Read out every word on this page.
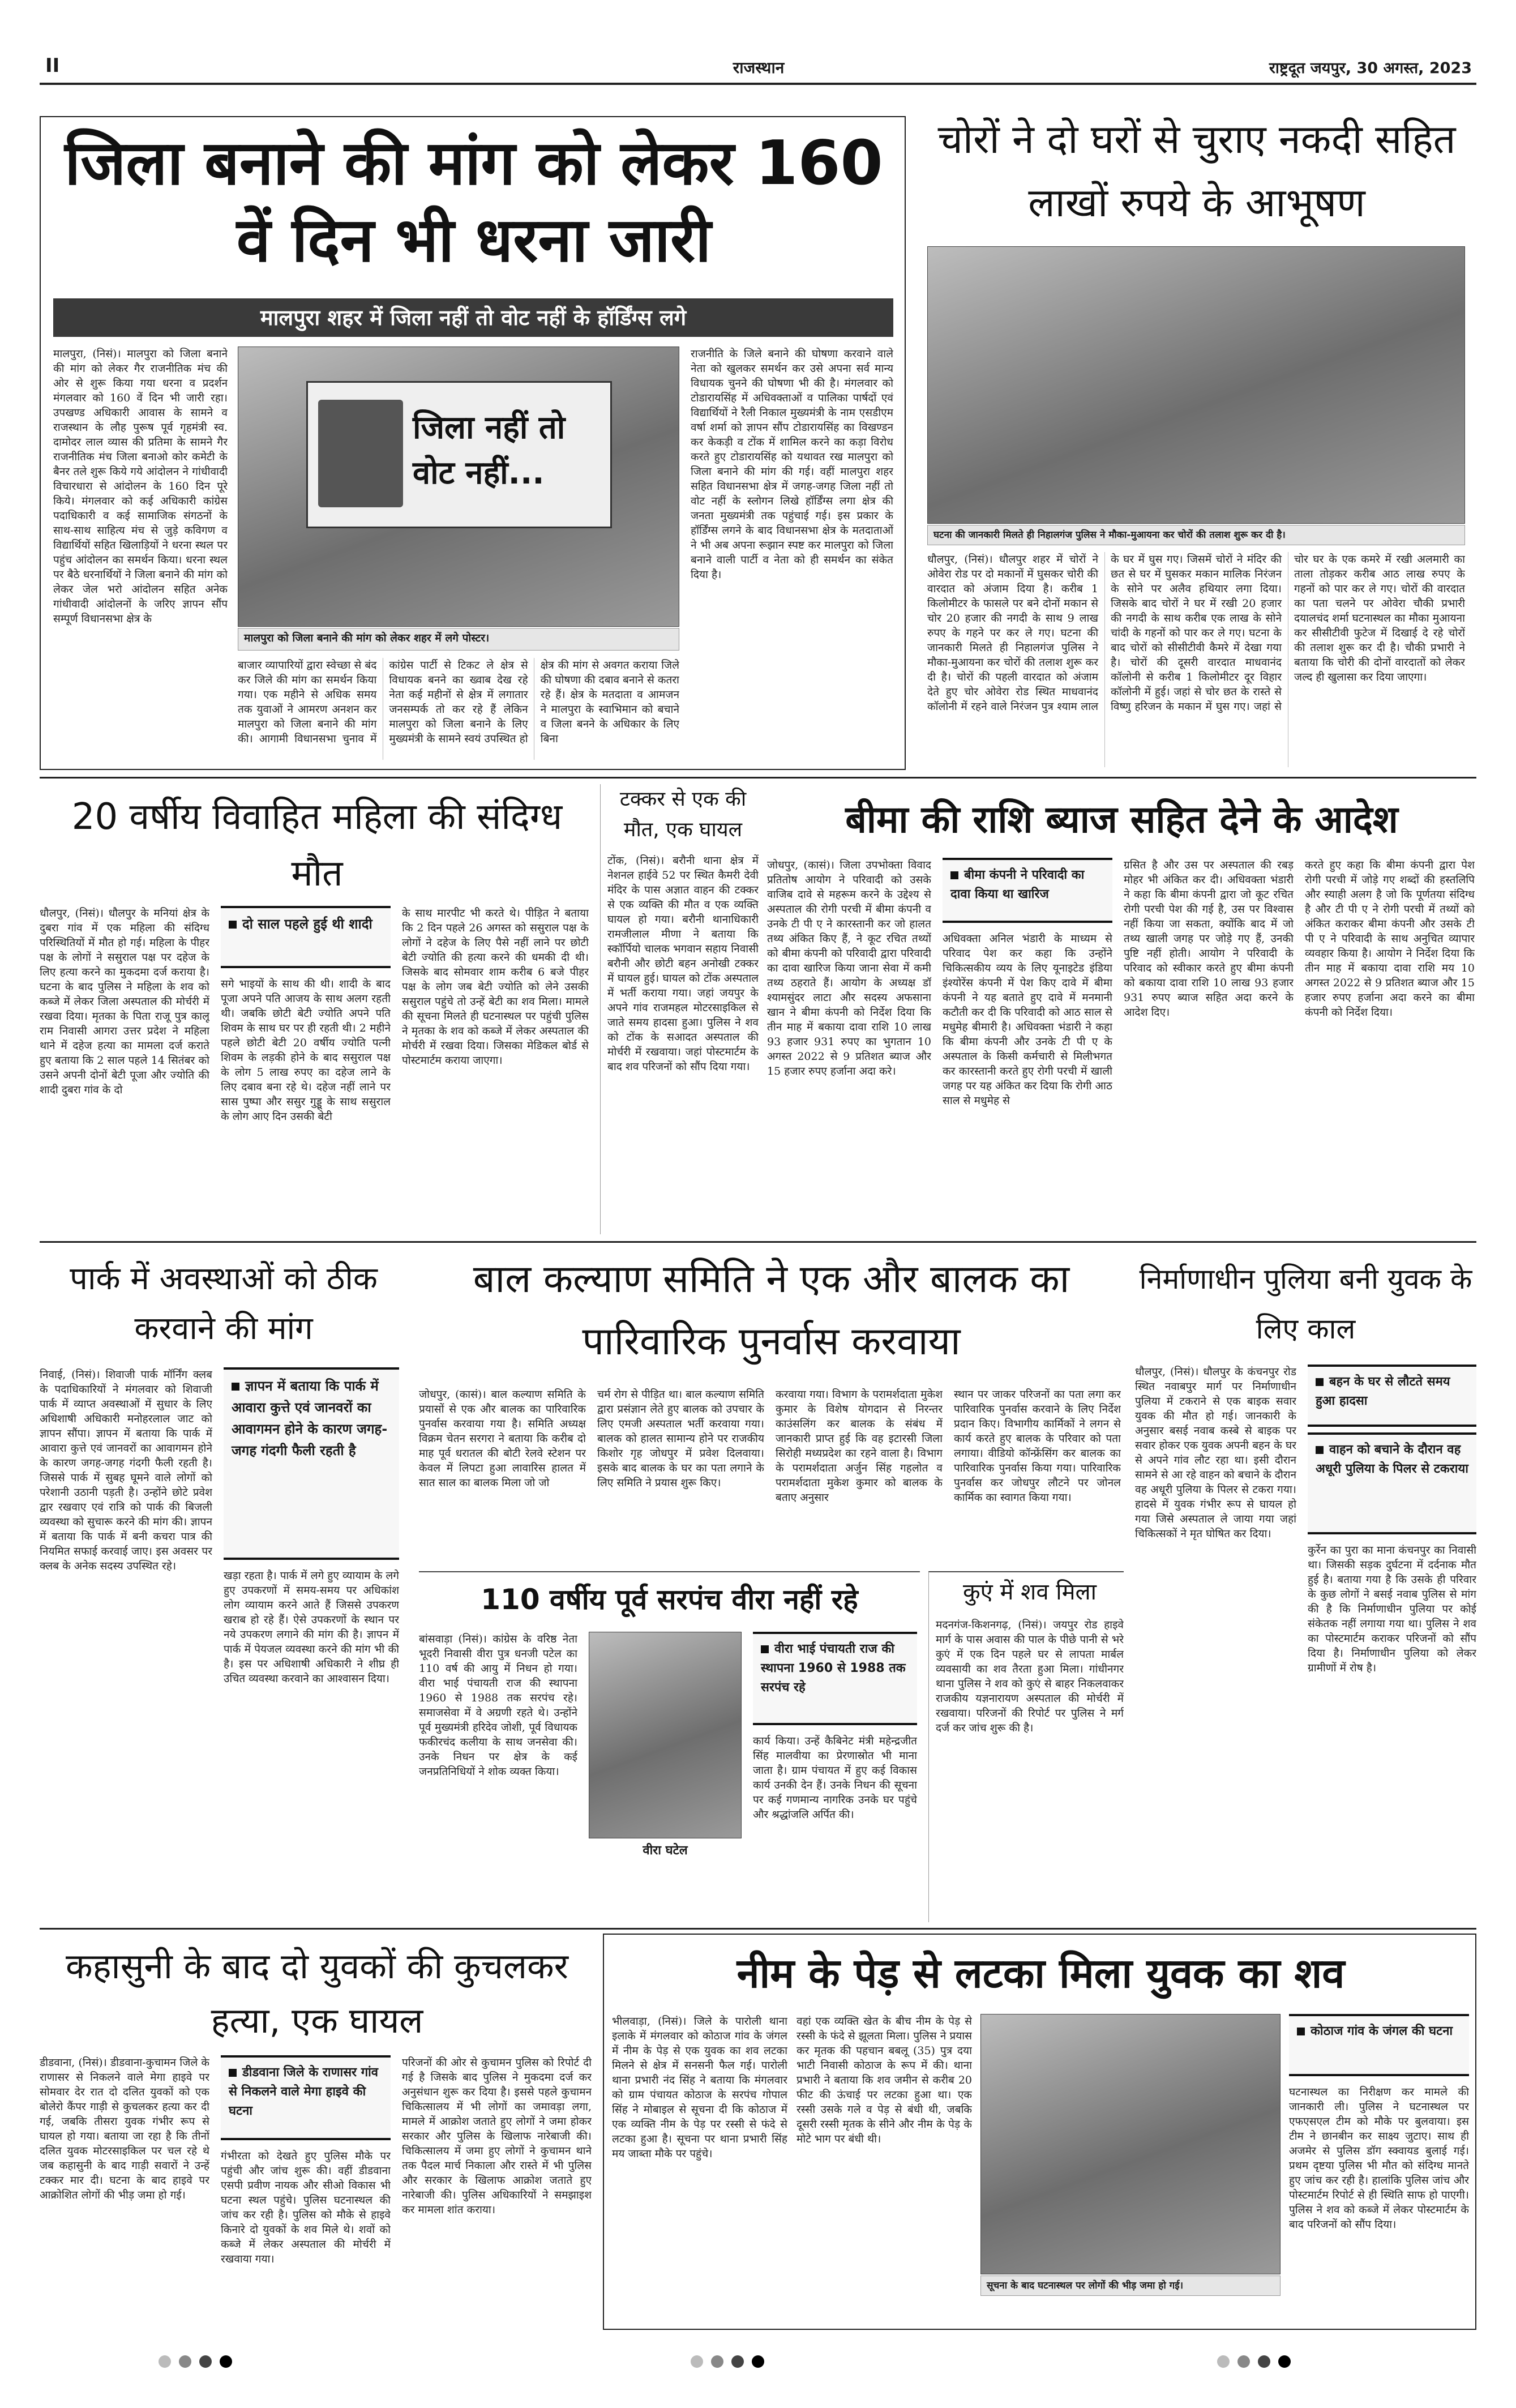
II	राजस्थान	राष्ट्रदूत जयपुर, 30 अगस्त, 2023
जिला बनाने की मांग को लेकर 160 वें दिन भी धरना जारी
मालपुरा शहर में जिला नहीं तो वोट नहीं के हॉर्डिंग्स लगे
मालपुरा, (निसं)। मालपुरा को जिला बनाने की मांग को लेकर गैर राजनीतिक मंच की ओर से शुरू किया गया धरना व प्रदर्शन मंगलवार को 160 वें दिन भी जारी रहा। उपखण्ड अधिकारी आवास के सामने व राजस्थान के लौह पुरूष पूर्व गृहमंत्री स्व. दामोदर लाल व्यास की प्रतिमा के सामने गैर राजनीतिक मंच जिला बनाओ कोर कमेटी के बैनर तले शुरू किये गये आंदोलन ने गांधीवादी विचारधारा से आंदोलन के 160 दिन पूरे किये। मंगलवार को कई अधिकारी कांग्रेस पदाधिकारी व कई सामाजिक संगठनों के साथ-साथ साहित्य मंच से जुड़े कविगण व विद्यार्थियों सहित खिलाड़ियों ने धरना स्थल पर पहुंच आंदोलन का समर्थन किया। धरना स्थल पर बैठे धरनार्थियों ने जिला बनाने की मांग को लेकर जेल भरो आंदोलन सहित अनेक गांधीवादी आंदोलनों के जरिए ज्ञापन सौंप सम्पूर्ण विधानसभा क्षेत्र के
जिला नहीं तो वोट नहीं...
मालपुरा को जिला बनाने की मांग को लेकर शहर में लगे पोस्टर।
बाजार व्यापारियों द्वारा स्वेच्छा से बंद कर जिले की मांग का समर्थन किया गया। एक महीने से अधिक समय तक युवाओं ने आमरण अनशन कर मालपुरा को जिला बनाने की मांग की। आगामी विधानसभा चुनाव में कांग्रेस पार्टी से टिकट ले क्षेत्र से विधायक बनने का ख्वाब देख रहे नेता कई महीनों से क्षेत्र में लगातार जनसम्पर्क तो कर रहे हैं लेकिन मालपुरा को जिला बनाने के लिए मुख्यमंत्री के सामने स्वयं उपस्थित हो क्षेत्र की मांग से अवगत कराया जिले की घोषणा की दबाव बनाने से कतरा रहे हैं। क्षेत्र के मतदाता व आमजन ने मालपुरा के स्वाभिमान को बचाने व जिला बनने के अधिकार के लिए बिना
राजनीति के जिले बनाने की घोषणा करवाने वाले नेता को खुलकर समर्थन कर उसे अपना सर्व मान्य विधायक चुनने की घोषणा भी की है। मंगलवार को टोडारायसिंह में अधिवक्ताओं व पालिका पार्षदों एवं विद्यार्थियों ने रैली निकाल मुख्यमंत्री के नाम एसडीएम वर्षा शर्मा को ज्ञापन सौंप टोडारायसिंह का विखण्डन कर केकड़ी व टोंक में शामिल करने का कड़ा विरोध करते हुए टोडारायसिंह को यथावत रख मालपुरा को जिला बनाने की मांग की गई। वहीं मालपुरा शहर सहित विधानसभा क्षेत्र में जगह-जगह जिला नहीं तो वोट नहीं के स्लोगन लिखे हॉर्डिंग्स लगा क्षेत्र की जनता मुख्यमंत्री तक पहुंचाई गई। इस प्रकार के हॉर्डिंग्स लगने के बाद विधानसभा क्षेत्र के मतदाताओं ने भी अब अपना रूझान स्पष्ट कर मालपुरा को जिला बनाने वाली पार्टी व नेता को ही समर्थन का संकेत दिया है।
चोरों ने दो घरों से चुराए नकदी सहित लाखों रुपये के आभूषण
घटना की जानकारी मिलते ही निहालगंज पुलिस ने मौका-मुआयना कर चोरों की तलाश शुरू कर दी है।
धौलपुर, (निसं)। धौलपुर शहर में चोरों ने ओवेरा रोड पर दो मकानों में घुसकर चोरी की वारदात को अंजाम दिया है। करीब 1 किलोमीटर के फासले पर बने दोनों मकान से चोर 20 हजार की नगदी के साथ 9 लाख रुपए के गहने पर कर ले गए। घटना की जानकारी मिलते ही निहालगंज पुलिस ने मौका-मुआयना कर चोरों की तलाश शुरू कर दी है। चोरों की पहली वारदात को अंजाम देते हुए चोर ओवेरा रोड स्थित माधवानंद कॉलोनी में रहने वाले निरंजन पुत्र श्याम लाल के घर में घुस गए। जिसमें चोरों ने मंदिर की छत से घर में घुसकर मकान मालिक निरंजन के सोने पर अलैव हथियार लगा दिया। जिसके बाद चोरों ने घर में रखी 20 हजार की नगदी के साथ करीब एक लाख के सोने चांदी के गहनों को पार कर ले गए। घटना के बाद चोरों को सीसीटीवी कैमरे में देखा गया है। चोरों की दूसरी वारदात माधवानंद कॉलोनी से करीब 1 किलोमीटर दूर विहार कॉलोनी में हुई। जहां से चोर छत के रास्ते से विष्णु हरिजन के मकान में घुस गए। जहां से चोर घर के एक कमरे में रखी अलमारी का ताला तोड़कर करीब आठ लाख रुपए के गहनों को पार कर ले गए। चोरों की वारदात का पता चलने पर ओवेरा चौकी प्रभारी दयालचंद शर्मा घटनास्थल का मौका मुआयना कर सीसीटीवी फुटेज में दिखाई दे रहे चोरों की तलाश शुरू कर दी है। चौकी प्रभारी ने बताया कि चोरी की दोनों वारदातों को लेकर जल्द ही खुलासा कर दिया जाएगा।
20 वर्षीय विवाहित महिला की संदिग्ध मौत
धौलपुर, (निसं)। धौलपुर के मनियां क्षेत्र के दुबरा गांव में एक महिला की संदिग्ध परिस्थितियों में मौत हो गई। महिला के पीहर पक्ष के लोगों ने ससुराल पक्ष पर दहेज के लिए हत्या करने का मुकदमा दर्ज कराया है। घटना के बाद पुलिस ने महिला के शव को कब्जे में लेकर जिला अस्पताल की मोर्चरी में रखवा दिया। मृतका के पिता राजू पुत्र कालू राम निवासी आगरा उत्तर प्रदेश ने महिला थाने में दहेज हत्या का मामला दर्ज कराते हुए बताया कि 2 साल पहले 14 सितंबर को उसने अपनी दोनों बेटी पूजा और ज्योति की शादी दुबरा गांव के दो
दो साल पहले हुई थी शादी
सगे भाइयों के साथ की थी। शादी के बाद पूजा अपने पति आजय के साथ अलग रहती थी। जबकि छोटी बेटी ज्योति अपने पति शिवम के साथ घर पर ही रहती थी। 2 महीने पहले छोटी बेटी 20 वर्षीय ज्योति पत्नी शिवम के लड़की होने के बाद ससुराल पक्ष के लोग 5 लाख रुपए का दहेज लाने के लिए दबाव बना रहे थे। दहेज नहीं लाने पर सास पुष्पा और ससुर गुड्डू के साथ ससुराल के लोग आए दिन उसकी बेटी
के साथ मारपीट भी करते थे। पीड़ित ने बताया कि 2 दिन पहले 26 अगस्त को ससुराल पक्ष के लोगों ने दहेज के लिए पैसे नहीं लाने पर छोटी बेटी ज्योति की हत्या करने की धमकी दी थी। जिसके बाद सोमवार शाम करीब 6 बजे पीहर पक्ष के लोग जब बेटी ज्योति को लेने उसकी ससुराल पहुंचे तो उन्हें बेटी का शव मिला। मामले की सूचना मिलते ही घटनास्थल पर पहुंची पुलिस ने मृतका के शव को कब्जे में लेकर अस्पताल की मोर्चरी में रखवा दिया। जिसका मेडिकल बोर्ड से पोस्टमार्टम कराया जाएगा।
टक्कर से एक की मौत, एक घायल
टोंक, (निसं)। बरौनी थाना क्षेत्र में नेशनल हाईवे 52 पर स्थित कैमरी देवी मंदिर के पास अज्ञात वाहन की टक्कर से एक व्यक्ति की मौत व एक व्यक्ति घायल हो गया। बरौनी थानाधिकारी रामजीलाल मीणा ने बताया कि स्कॉर्पियो चालक भगवान सहाय निवासी बरौनी और छोटी बहन अनोखी टक्कर में घायल हुई। घायल को टोंक अस्पताल में भर्ती कराया गया। जहां जयपुर के अपने गांव राजमहल मोटरसाइकिल से जाते समय हादसा हुआ। पुलिस ने शव को टोंक के सआदत अस्पताल की मोर्चरी में रखवाया। जहां पोस्टमार्टम के बाद शव परिजनों को सौंप दिया गया।
बीमा की राशि ब्याज सहित देने के आदेश
जोधपुर, (कासं)। जिला उपभोक्ता विवाद प्रतितोष आयोग ने परिवादी को उसके वाजिब दावे से महरूम करने के उद्देश्य से अस्पताल की रोगी परची में बीमा कंपनी व उनके टी पी ए ने कारस्तानी कर जो हालत तथ्य अंकित किए हैं, ने कूट रचित तथ्यों को बीमा कंपनी को परिवादी द्वारा परिवादी का दावा खारिज किया जाना सेवा में कमी तथ्य ठहराते हैं। आयोग के अध्यक्ष डॉ श्यामसुंदर लाटा और सदस्य अफसाना खान ने बीमा कंपनी को निर्देश दिया कि तीन माह में बकाया दावा राशि 10 लाख 93 हजार 931 रुपए का भुगतान 10 अगस्त 2022 से 9 प्रतिशत ब्याज और 15 हजार रुपए हर्जाना अदा करे।
बीमा कंपनी ने परिवादी का दावा किया था खारिज
अधिवक्ता अनिल भंडारी के माध्यम से परिवाद पेश कर कहा कि उन्होंने चिकित्सकीय व्यय के लिए यूनाइटेड इंडिया इंश्योरेंस कंपनी में पेश किए दावे में बीमा कंपनी ने यह बताते हुए दावे में मनमानी कटौती कर दी कि परिवादी को आठ साल से मधुमेह बीमारी है। अधिवक्ता भंडारी ने कहा कि बीमा कंपनी और उनके टी पी ए के अस्पताल के किसी कर्मचारी से मिलीभगत कर कारस्तानी करते हुए रोगी परची में खाली जगह पर यह अंकित कर दिया कि रोगी आठ साल से मधुमेह से
ग्रसित है और उस पर अस्पताल की रबड़ मोहर भी अंकित कर दी। अधिवक्ता भंडारी ने कहा कि बीमा कंपनी द्वारा जो कूट रचित रोगी परची पेश की गई है, उस पर विश्वास नहीं किया जा सकता, क्योंकि बाद में जो तथ्य खाली जगह पर जोड़े गए हैं, उनकी पुष्टि नहीं होती। आयोग ने परिवादी के परिवाद को स्वीकार करते हुए बीमा कंपनी को बकाया दावा राशि 10 लाख 93 हजार 931 रुपए ब्याज सहित अदा करने के आदेश दिए।
करते हुए कहा कि बीमा कंपनी द्वारा पेश रोगी परची में जोड़े गए शब्दों की हस्तलिपि और स्याही अलग है जो कि पूर्णतया संदिग्ध है और टी पी ए ने रोगी परची में तथ्यों को अंकित कराकर बीमा कंपनी और उसके टी पी ए ने परिवादी के साथ अनुचित व्यापार व्यवहार किया है। आयोग ने निर्देश दिया कि तीन माह में बकाया दावा राशि मय 10 अगस्त 2022 से 9 प्रतिशत ब्याज और 15 हजार रुपए हर्जाना अदा करने का बीमा कंपनी को निर्देश दिया।
पार्क में अवस्थाओं को ठीक करवाने की मांग
निवाई, (निसं)। शिवाजी पार्क मॉर्निंग क्लब के पदाधिकारियों ने मंगलवार को शिवाजी पार्क में व्याप्त अवस्थाओं में सुधार के लिए अधिशाषी अधिकारी मनोहरलाल जाट को ज्ञापन सौंपा। ज्ञापन में बताया कि पार्क में आवारा कुत्ते एवं जानवरों का आवागमन होने के कारण जगह-जगह गंदगी फैली रहती है। जिससे पार्क में सुबह घूमने वाले लोगों को परेशानी उठानी पड़ती है। उन्होंने छोटे प्रवेश द्वार रखवाए एवं रात्रि को पार्क की बिजली व्यवस्था को सुचारू करने की मांग की। ज्ञापन में बताया कि पार्क में बनी कचरा पात्र की नियमित सफाई करवाई जाए। इस अवसर पर क्लब के अनेक सदस्य उपस्थित रहे।
ज्ञापन में बताया कि पार्क में आवारा कुत्ते एवं जानवरों का आवागमन होने के कारण जगह-जगह गंदगी फैली रहती है
खड़ा रहता है। पार्क में लगे हुए व्यायाम के लगे हुए उपकरणों में समय-समय पर अधिकांश लोग व्यायाम करने आते हैं जिससे उपकरण खराब हो रहे हैं। ऐसे उपकरणों के स्थान पर नये उपकरण लगाने की मांग की है। ज्ञापन में पार्क में पेयजल व्यवस्था करने की मांग भी की है। इस पर अधिशाषी अधिकारी ने शीघ्र ही उचित व्यवस्था करवाने का आश्वासन दिया।
बाल कल्याण समिति ने एक और बालक का पारिवारिक पुनर्वास करवाया
जोधपुर, (कासं)। बाल कल्याण समिति के प्रयासों से एक और बालक का पारिवारिक पुनर्वास करवाया गया है। समिति अध्यक्ष विक्रम चेतन सरगरा ने बताया कि करीब दो माह पूर्व धरातल की बोटी रेलवे स्टेशन पर केवल में लिपटा हुआ लावारिस हालत में सात साल का बालक मिला जो जो
चर्म रोग से पीड़ित था। बाल कल्याण समिति द्वारा प्रसंज्ञान लेते हुए बालक को उपचार के लिए एमजी अस्पताल भर्ती करवाया गया। बालक को हालत सामान्य होने पर राजकीय किशोर गृह जोधपुर में प्रवेश दिलवाया। इसके बाद बालक के घर का पता लगाने के लिए समिति ने प्रयास शुरू किए।
करवाया गया। विभाग के परामर्शदाता मुकेश कुमार के विशेष योगदान से निरन्तर काउंसलिंग कर बालक के संबंध में जानकारी प्राप्त हुई कि वह इटारसी जिला सिरोही मध्यप्रदेश का रहने वाला है। विभाग के परामर्शदाता अर्जुन सिंह गहलोत व परामर्शदाता मुकेश कुमार को बालक के बताए अनुसार
स्थान पर जाकर परिजनों का पता लगा कर पारिवारिक पुनर्वास करवाने के लिए निर्देश प्रदान किए। विभागीय कार्मिकों ने लगन से कार्य करते हुए बालक के परिवार को पता लगाया। वीडियो कॉन्फ्रेंसिंग कर बालक का पारिवारिक पुनर्वास किया गया। पारिवारिक पुनर्वास कर जोधपुर लौटने पर जोनल कार्मिक का स्वागत किया गया।
निर्माणाधीन पुलिया बनी युवक के लिए काल
धौलपुर, (निसं)। धौलपुर के कंचनपुर रोड स्थित नवाबपुर मार्ग पर निर्माणाधीन पुलिया में टकराने से एक बाइक सवार युवक की मौत हो गई। जानकारी के अनुसार बसई नवाब कस्बे से बाइक पर सवार होकर एक युवक अपनी बहन के घर से अपने गांव लौट रहा था। इसी दौरान सामने से आ रहे वाहन को बचाने के दौरान वह अधूरी पुलिया के पिलर से टकरा गया। हादसे में युवक गंभीर रूप से घायल हो गया जिसे अस्पताल ले जाया गया जहां चिकित्सकों ने मृत घोषित कर दिया।
बहन के घर से लौटते समय हुआ हादसा
वाहन को बचाने के दौरान वह अधूरी पुलिया के पिलर से टकराया
कुर्रेन का पुरा का माना कंचनपुर का निवासी था। जिसकी सड़क दुर्घटना में दर्दनाक मौत हुई है। बताया गया है कि उसके ही परिवार के कुछ लोगों ने बसई नवाब पुलिस से मांग की है कि निर्माणाधीन पुलिया पर कोई संकेतक नहीं लगाया गया था। पुलिस ने शव का पोस्टमार्टम कराकर परिजनों को सौंप दिया है। निर्माणाधीन पुलिया को लेकर ग्रामीणों में रोष है।
110 वर्षीय पूर्व सरपंच वीरा नहीं रहे
बांसवाड़ा (निसं)। कांग्रेस के वरिष्ठ नेता भूदरी निवासी वीरा पुत्र धनजी पटेल का 110 वर्ष की आयु में निधन हो गया। वीरा भाई पंचायती राज की स्थापना 1960 से 1988 तक सरपंच रहे। समाजसेवा में वे अग्रणी रहते थे। उन्होंने पूर्व मुख्यमंत्री हरिदेव जोशी, पूर्व विधायक फकीरचंद कलीया के साथ जनसेवा की। उनके निधन पर क्षेत्र के कई जनप्रतिनिधियों ने शोक व्यक्त किया।
वीरा घटेल
वीरा भाई पंचायती राज की स्थापना 1960 से 1988 तक सरपंच रहे
कार्य किया। उन्हें कैबिनेट मंत्री महेन्द्रजीत सिंह मालवीया का प्रेरणास्रोत भी माना जाता है। ग्राम पंचायत में हुए कई विकास कार्य उनकी देन हैं। उनके निधन की सूचना पर कई गणमान्य नागरिक उनके घर पहुंचे और श्रद्धांजलि अर्पित की।
कुएं में शव मिला
मदनगंज-किशनगढ़, (निसं)। जयपुर रोड हाइवे मार्ग के पास अवास की पाल के पीछे पानी से भरे कुएं में एक दिन पहले घर से लापता मार्बल व्यवसायी का शव तैरता हुआ मिला। गांधीनगर थाना पुलिस ने शव को कुएं से बाहर निकलवाकर राजकीय यज्ञनारायण अस्पताल की मोर्चरी में रखवाया। परिजनों की रिपोर्ट पर पुलिस ने मर्ग दर्ज कर जांच शुरू की है।
कहासुनी के बाद दो युवकों की कुचलकर हत्या, एक घायल
डीडवाना, (निसं)। डीडवाना-कुचामन जिले के राणासर से निकलने वाले मेगा हाइवे पर सोमवार देर रात दो दलित युवकों को एक बोलेरो कैंपर गाड़ी से कुचलकर हत्या कर दी गई, जबकि तीसरा युवक गंभीर रूप से घायल हो गया। बताया जा रहा है कि तीनों दलित युवक मोटरसाइकिल पर चल रहे थे जब कहासुनी के बाद गाड़ी सवारों ने उन्हें टक्कर मार दी। घटना के बाद हाइवे पर आक्रोशित लोगों की भीड़ जमा हो गई।
डीडवाना जिले के राणासर गांव से निकलने वाले मेगा हाइवे की घटना
गंभीरता को देखते हुए पुलिस मौके पर पहुंची और जांच शुरू की। वहीं डीडवाना एसपी प्रवीण नायक और सीओ विकास भी घटना स्थल पहुंचे। पुलिस घटनास्थल की जांच कर रही है। पुलिस को मौके से हाइवे किनारे दो युवकों के शव मिले थे। शवों को कब्जे में लेकर अस्पताल की मोर्चरी में रखवाया गया।
परिजनों की ओर से कुचामन पुलिस को रिपोर्ट दी गई है जिसके बाद पुलिस ने मुकदमा दर्ज कर अनुसंधान शुरू कर दिया है। इससे पहले कुचामन चिकित्सालय में भी लोगों का जमावड़ा लगा, मामले में आक्रोश जताते हुए लोगों ने जमा होकर सरकार और पुलिस के खिलाफ नारेबाजी की। चिकित्सालय में जमा हुए लोगों ने कुचामन थाने तक पैदल मार्च निकाला और रास्ते में भी पुलिस और सरकार के खिलाफ आक्रोश जताते हुए नारेबाजी की। पुलिस अधिकारियों ने समझाइश कर मामला शांत कराया।
नीम के पेड़ से लटका मिला युवक का शव
भीलवाड़ा, (निसं)। जिले के पारोली थाना इलाके में मंगलवार को कोठाज गांव के जंगल में नीम के पेड़ से एक युवक का शव लटका मिलने से क्षेत्र में सनसनी फैल गई। पारोली थाना प्रभारी नंद सिंह ने बताया कि मंगलवार को ग्राम पंचायत कोठाज के सरपंच गोपाल सिंह ने मोबाइल से सूचना दी कि कोठाज में एक व्यक्ति नीम के पेड़ पर रस्सी से फंदे से लटका हुआ है। सूचना पर थाना प्रभारी सिंह मय जाब्ता मौके पर पहुंचे।
वहां एक व्यक्ति खेत के बीच नीम के पेड़ से रस्सी के फंदे से झूलता मिला। पुलिस ने प्रयास कर मृतक की पहचान बबलू (35) पुत्र दया भाटी निवासी कोठाज के रूप में की। थाना प्रभारी ने बताया कि शव जमीन से करीब 20 फीट की ऊंचाई पर लटका हुआ था। एक रस्सी उसके गले व पेड़ से बंधी थी, जबकि दूसरी रस्सी मृतक के सीने और नीम के पेड़ के मोटे भाग पर बंधी थी।
सूचना के बाद घटनास्थल पर लोगों की भीड़ जमा हो गई।
कोठाज गांव के जंगल की घटना
घटनास्थल का निरीक्षण कर मामले की जानकारी ली। पुलिस ने घटनास्थल पर एफएसएल टीम को मौके पर बुलवाया। इस टीम ने छानबीन कर साक्ष्य जुटाए। साथ ही अजमेर से पुलिस डॉग स्क्वायड बुलाई गई। प्रथम दृष्टया पुलिस भी मौत को संदिग्ध मानते हुए जांच कर रही है। हालांकि पुलिस जांच और पोस्टमार्टम रिपोर्ट से ही स्थिति साफ हो पाएगी। पुलिस ने शव को कब्जे में लेकर पोस्टमार्टम के बाद परिजनों को सौंप दिया।
